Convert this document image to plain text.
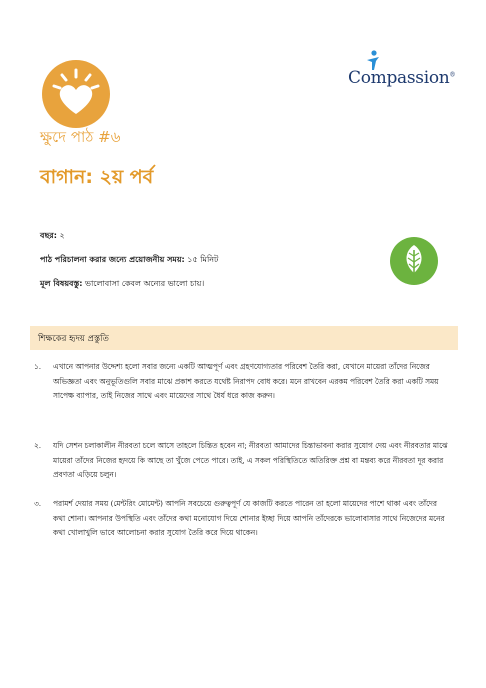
Compassion®
ক্ষুদে পাঠ #৬
বাগান: ২য় পর্ব
বছর: ২
পাঠ পরিচালনা করার জন্যে প্রয়োজনীয় সময়: ১৫ মিনিট
মূল বিষয়বস্তু: ভালোবাসা কেবল অন্যের ভালো চায়।
শিক্ষকের হৃদয় প্রস্তুতি
১. এখানে আপনার উদ্দেশ্য হলো সবার জন্যে একটি আত্মপূর্ণ এবং গ্রহণযোগ্যতার পরিবেশ তৈরি করা, যেখানে মায়েরা তাঁদের নিজের অভিজ্ঞতা এবং অনুভূতিগুলি সবার মাঝে প্রকাশ করতে যথেষ্ট নিরাপদ বোধ করে। মনে রাখবেন এরকম পরিবেশ তৈরি করা একটি সময় সাপেক্ষ ব্যাপার, তাই নিজের সাথে এবং মায়েদের সাথে ধৈর্য ধরে কাজ করুন।
২. যদি সেশন চলাকালীন নীরবতা চলে আসে তাহলে চিন্তিত হবেন না; নীরবতা আমাদের চিন্তাভাবনা করার সুযোগ দেয় এবং নীরবতার মাঝে মায়েরা তাঁদের নিজের হৃদয়ে কি আছে তা খুঁজে পেতে পারে। তাই, এ সকল পরিস্থিতিতে অতিরিক্ত প্রশ্ন বা মন্তব্য করে নীরবতা দূর করার প্রবণতা এড়িয়ে চলুন।
৩. পরামর্শ দেয়ার সময় (মেন্টরিং মোমেন্ট) আপনি সবচেয়ে গুরুত্বপূর্ণ যে কাজটি করতে পারেন তা হলো মায়েদের পাশে থাকা এবং তাঁদের কথা শোনা। আপনার উপস্থিতি এবং তাঁদের কথা মনোযোগ দিয়ে শোনার ইচ্ছা দিয়ে আপনি তাঁদেরকে ভালোবাসার সাথে নিজেদের মনের কথা খোলাখুলি ভাবে আলোচনা করার সুযোগ তৈরি করে দিয়ে থাকেন।
